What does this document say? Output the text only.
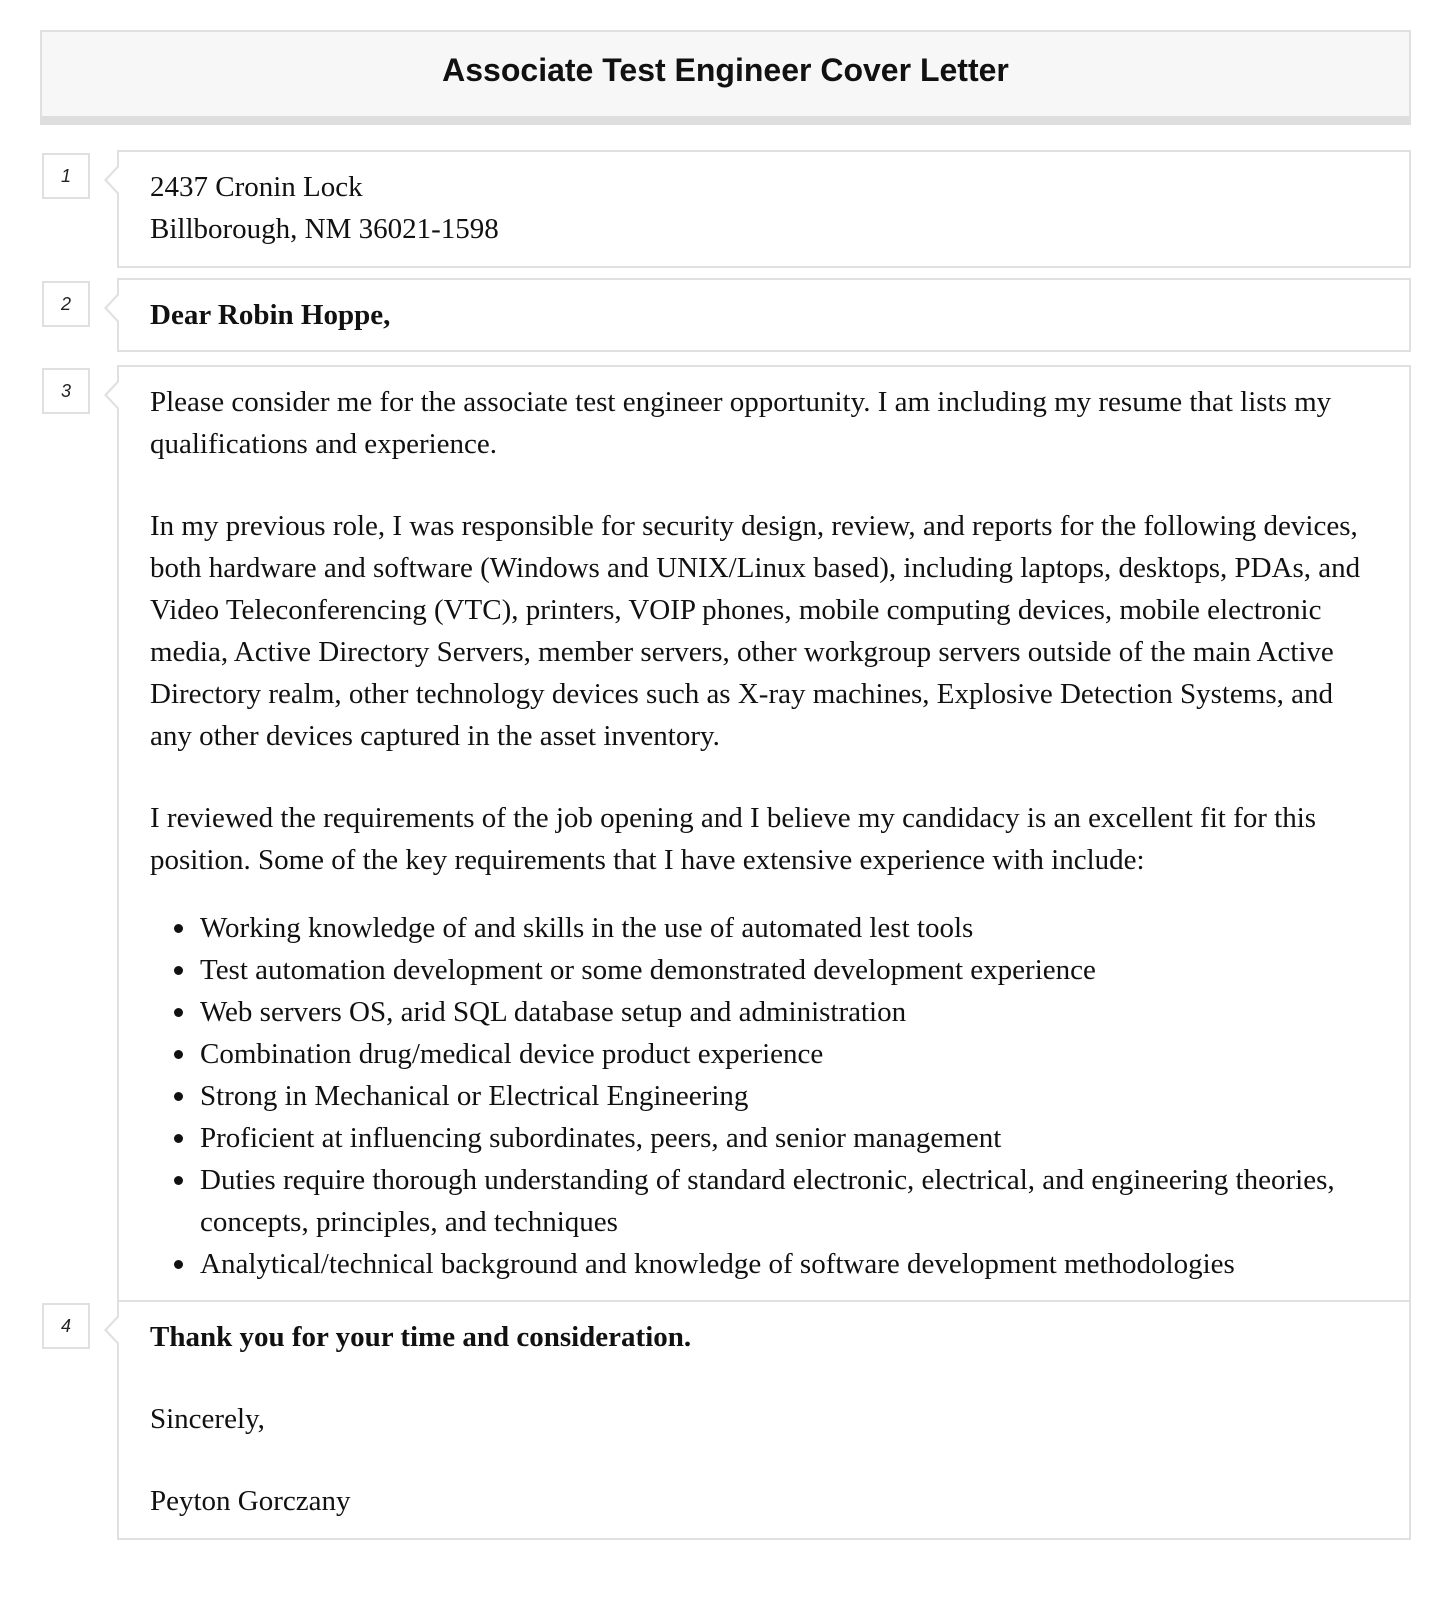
Associate Test Engineer Cover Letter
1	2437 Cronin Lock
Billborough, NM 36021-1598
2	Dear Robin Hoppe,
3	Please consider me for the associate test engineer opportunity. I am including my resume that lists my qualifications and experience.

In my previous role, I was responsible for security design, review, and reports for the following devices, both hardware and software (Windows and UNIX/Linux based), including laptops, desktops, PDAs, and Video Teleconferencing (VTC), printers, VOIP phones, mobile computing devices, mobile electronic media, Active Directory Servers, member servers, other workgroup servers outside of the main Active Directory realm, other technology devices such as X-ray machines, Explosive Detection Systems, and any other devices captured in the asset inventory.

I reviewed the requirements of the job opening and I believe my candidacy is an excellent fit for this position. Some of the key requirements that I have extensive experience with include:

Working knowledge of and skills in the use of automated lest tools
Test automation development or some demonstrated development experience
Web servers OS, arid SQL database setup and administration
Combination drug/medical device product experience
Strong in Mechanical or Electrical Engineering
Proficient at influencing subordinates, peers, and senior management
Duties require thorough understanding of standard electronic, electrical, and engineering theories, concepts, principles, and techniques
Analytical/technical background and knowledge of software development methodologies
4	Thank you for your time and consideration.

Sincerely,

Peyton Gorczany
